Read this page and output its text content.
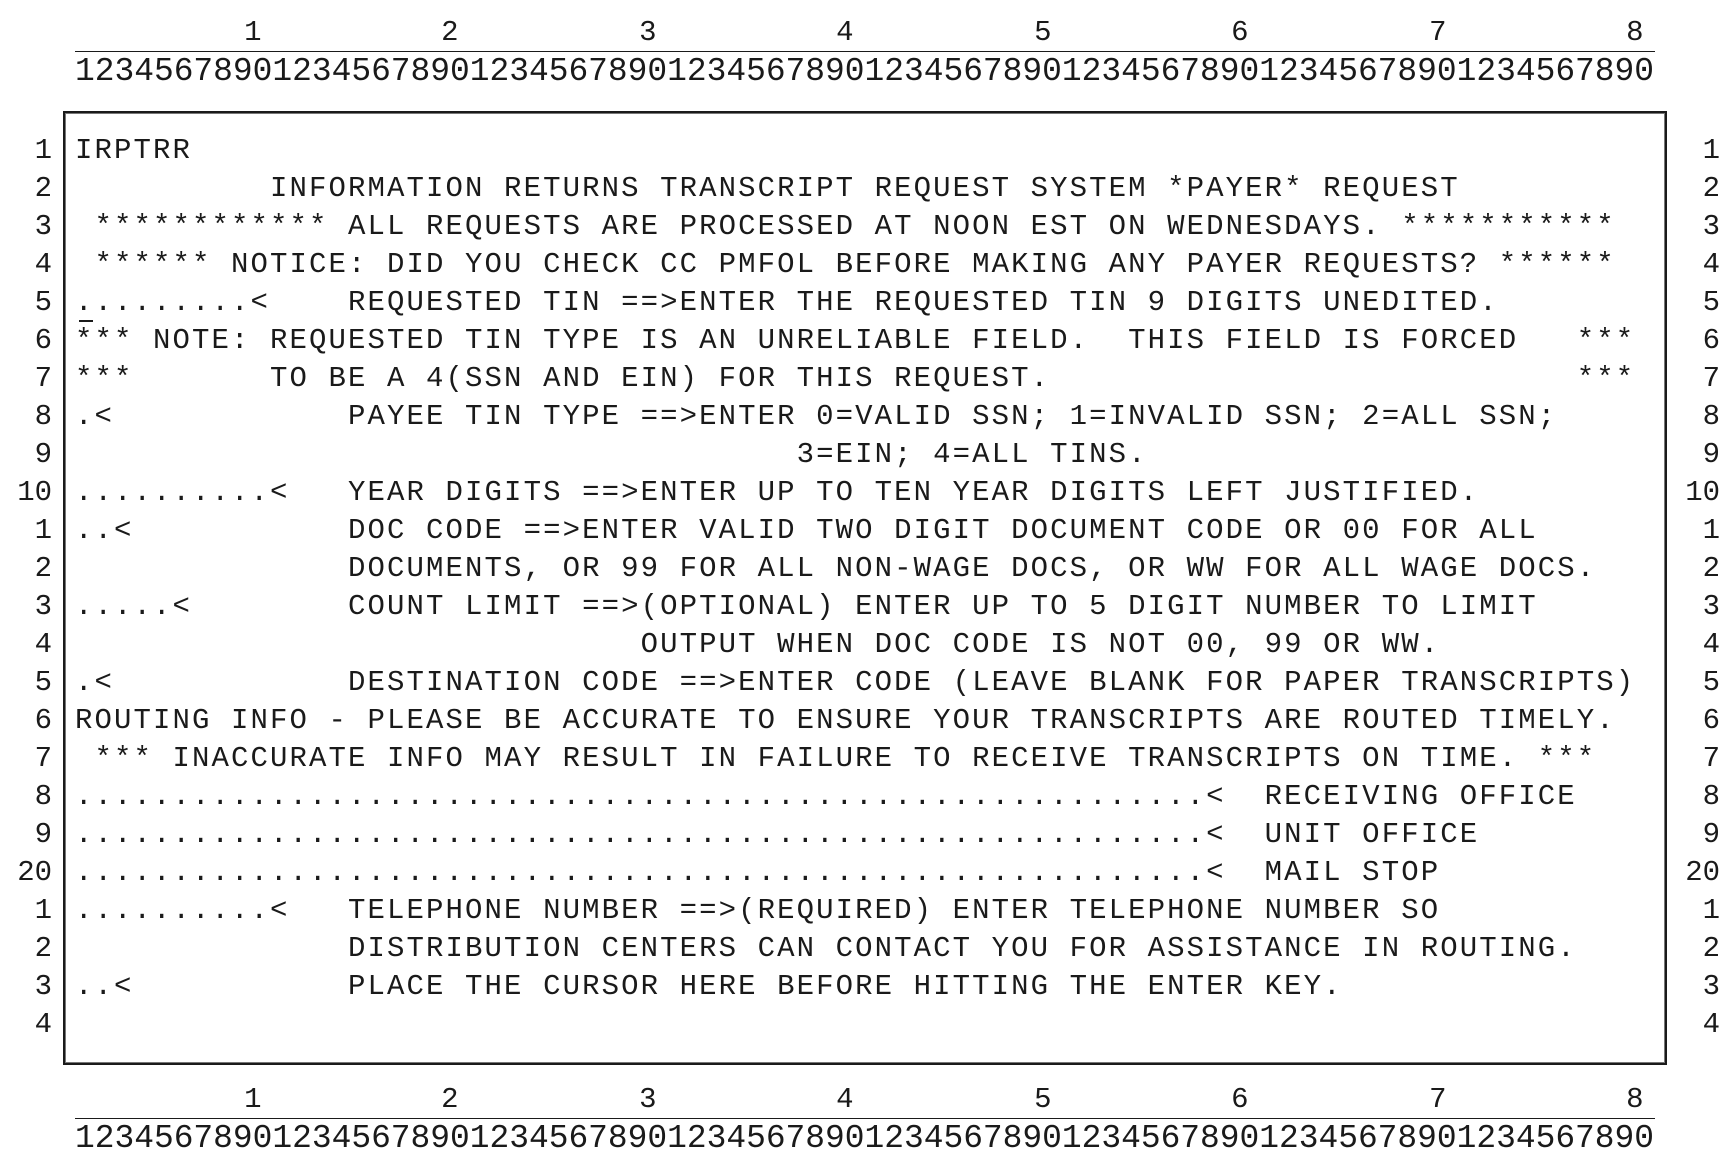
1	2	3	4	5	6	7	8
12345678901234567890123456789012345678901234567890123456789012345678901234567890
1 IRPTRR	1
2 INFORMATION RETURNS TRANSCRIPT REQUEST SYSTEM *PAYER* REQUEST	2
3 ************ ALL REQUESTS ARE PROCESSED AT NOON EST ON WEDNESDAYS. ***********	3
4 ****** NOTICE: DID YOU CHECK CC PMFOL BEFORE MAKING ANY PAYER REQUESTS? ******	4
5 .........<    REQUESTED TIN ==>ENTER THE REQUESTED TIN 9 DIGITS UNEDITED.	5
6 *** NOTE: REQUESTED TIN TYPE IS AN UNRELIABLE FIELD.  THIS FIELD IS FORCED   ***	6
7 ***       TO BE A 4(SSN AND EIN) FOR THIS REQUEST.                           ***	7
8 .<            PAYEE TIN TYPE ==>ENTER 0=VALID SSN; 1=INVALID SSN; 2=ALL SSN;	8
9 3=EIN; 4=ALL TINS.	9
10 ..........<   YEAR DIGITS ==>ENTER UP TO TEN YEAR DIGITS LEFT JUSTIFIED.	10
1 ..<           DOC CODE ==>ENTER VALID TWO DIGIT DOCUMENT CODE OR 00 FOR ALL	1
2 DOCUMENTS, OR 99 FOR ALL NON-WAGE DOCS, OR WW FOR ALL WAGE DOCS.	2
3 .....<        COUNT LIMIT ==>(OPTIONAL) ENTER UP TO 5 DIGIT NUMBER TO LIMIT	3
4 OUTPUT WHEN DOC CODE IS NOT 00, 99 OR WW.	4
5 .<            DESTINATION CODE ==>ENTER CODE (LEAVE BLANK FOR PAPER TRANSCRIPTS)	5
6 ROUTING INFO - PLEASE BE ACCURATE TO ENSURE YOUR TRANSCRIPTS ARE ROUTED TIMELY.	6
7 *** INACCURATE INFO MAY RESULT IN FAILURE TO RECEIVE TRANSCRIPTS ON TIME. ***	7
8 ..........................................................<  RECEIVING OFFICE	8
9 ..........................................................<  UNIT OFFICE	9
20 ..........................................................<  MAIL STOP	20
1 ..........<   TELEPHONE NUMBER ==>(REQUIRED) ENTER TELEPHONE NUMBER SO	1
2 DISTRIBUTION CENTERS CAN CONTACT YOU FOR ASSISTANCE IN ROUTING.	2
3 ..<           PLACE THE CURSOR HERE BEFORE HITTING THE ENTER KEY.	3
4	4
1	2	3	4	5	6	7	8
12345678901234567890123456789012345678901234567890123456789012345678901234567890
